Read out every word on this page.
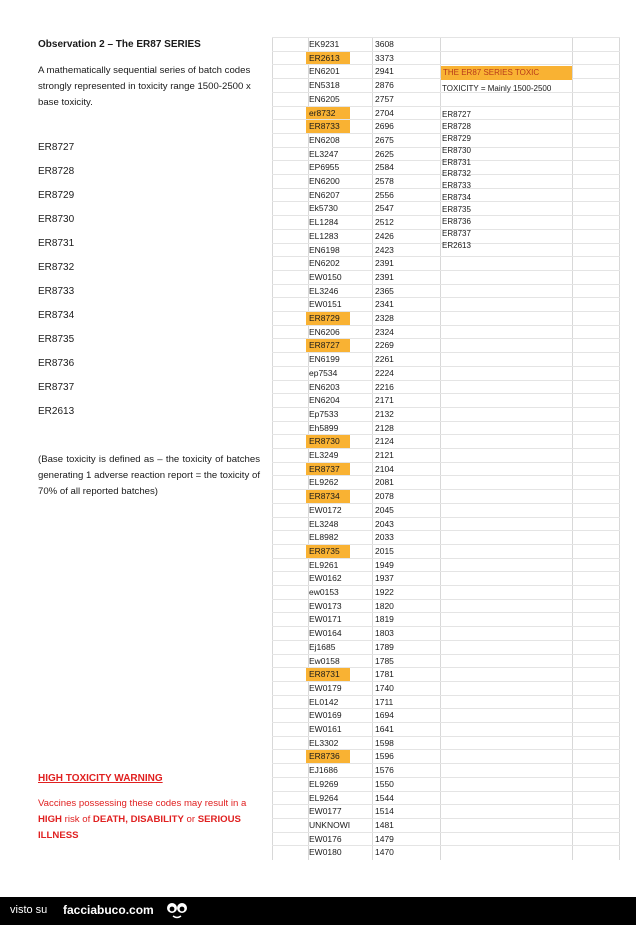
Observation 2 – The ER87 SERIES
A mathematically sequential series of batch codes strongly represented in toxicity range 1500-2500 x base toxicity.
ER8727
ER8728
ER8729
ER8730
ER8731
ER8732
ER8733
ER8734
ER8735
ER8736
ER8737
ER2613
(Base toxicity is defined as – the toxicity of batches generating 1 adverse reaction report = the toxicity of 70% of all reported batches)
HIGH TOXICITY WARNING
Vaccines possessing these codes may result in a HIGH risk of DEATH, DISABILITY or SERIOUS ILLNESS
EK9231	3608
ER2613	3373
EN6201	2941
EN5318	2876
EN6205	2757
er8732	2704
ER8733	2696
EN6208	2675
EL3247	2625
EP6955	2584
EN6200	2578
EN6207	2556
Ek5730	2547
EL1284	2512
EL1283	2426
EN6198	2423
EN6202	2391
EW0150	2391
EL3246	2365
EW0151	2341
ER8729	2328
EN6206	2324
ER8727	2269
EN6199	2261
ep7534	2224
EN6203	2216
EN6204	2171
Ep7533	2132
Eh5899	2128
ER8730	2124
EL3249	2121
ER8737	2104
EL9262	2081
ER8734	2078
EW0172	2045
EL3248	2043
EL8982	2033
ER8735	2015
EL9261	1949
EW0162	1937
ew0153	1922
EW0173	1820
EW0171	1819
EW0164	1803
Ej1685	1789
Ew0158	1785
ER8731	1781
EW0179	1740
EL0142	1711
EW0169	1694
EW0161	1641
EL3302	1598
ER8736	1596
EJ1686	1576
EL9269	1550
EL9264	1544
EW0177	1514
UNKNOWI	1481
EW0176	1479
EW0180	1470
THE ER87 SERIES TOXIC
TOXICITY = Mainly 1500-2500
ER8727
ER8728
ER8729
ER8730
ER8731
ER8732
ER8733
ER8734
ER8735
ER8736
ER8737
ER2613
visto su facciabuco.com
